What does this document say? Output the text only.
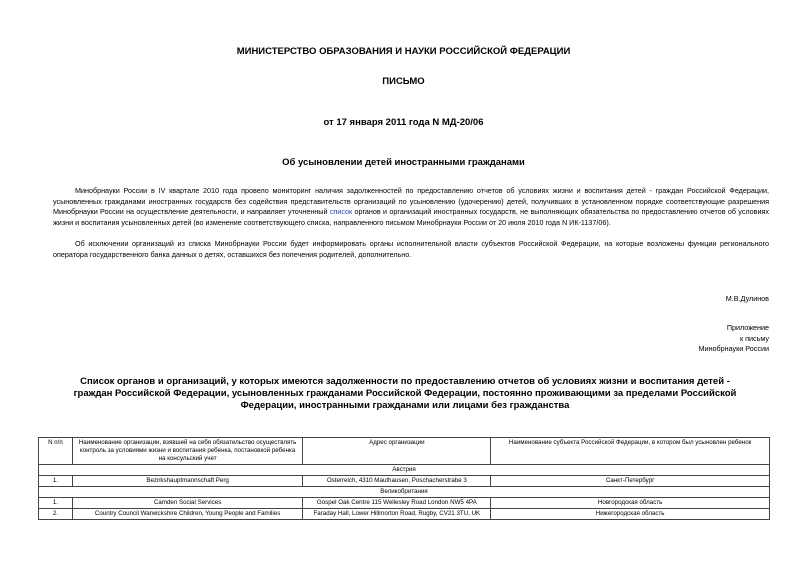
МИНИСТЕРСТВО ОБРАЗОВАНИЯ И НАУКИ РОССИЙСКОЙ ФЕДЕРАЦИИ
ПИСЬМО
от 17 января 2011 года N МД-20/06
Об усыновлении детей иностранными гражданами
Минобрнауки России в IV квартале 2010 года провело мониторинг наличия задолженностей по предоставлению отчетов об условиях жизни и воспитания детей - граждан Российской Федерации, усыновленных гражданами иностранных государств без содействия представительств организаций по усыновлению (удочерению) детей, получивших в установленном порядке соответствующие разрешения Минобрнауки России на осуществление деятельности, и направляет уточненный список органов и организаций иностранных государств, не выполняющих обязательства по предоставлению отчетов об условиях жизни и воспитания усыновленных детей (во изменение соответствующего списка, направленного письмом Минобрнауки России от 20 июля 2010 года N ИК-1137/06).
Об исключении организаций из списка Минобрнауки России будет информировать органы исполнительной власти субъектов Российской Федерации, на которые возложены функции регионального оператора государственного банка данных о детях, оставшихся без попечения родителей, дополнительно.
М.В.Дулинов
Приложение
к письму
Минобрнауки России
Список органов и организаций, у которых имеются задолженности по предоставлению отчетов об условиях жизни и воспитания детей - граждан Российской Федерации, усыновленных гражданами Российской Федерации, постоянно проживающими за пределами Российской Федерации, иностранными гражданами или лицами без гражданства
N п/п	Наименование организации, взявшей на себя обязательство осуществлять контроль за условиями жизни и воспитания ребенка, постановкой ребенка на консульский учет	Адрес организации	Наименование субъекта Российской Федерации, в котором был усыновлен ребенок
Австрия			
1.	Bezirkshauptmannschaft Perg	Osterreich, 4310 Mauthausen, Poschacherstrabe 3	Санкт-Петербург
Великобритания			
1.	Camden Social Services	Gospel Oak Centre 115 Wellesley Road London NW5 4PA	Новгородская область
2.	Country Council Warwickshire Children, Young People and Families	Faraday Hall, Lower Hillmorton Road, Rugby, CV21 3TU, UK	Нижегородская область
